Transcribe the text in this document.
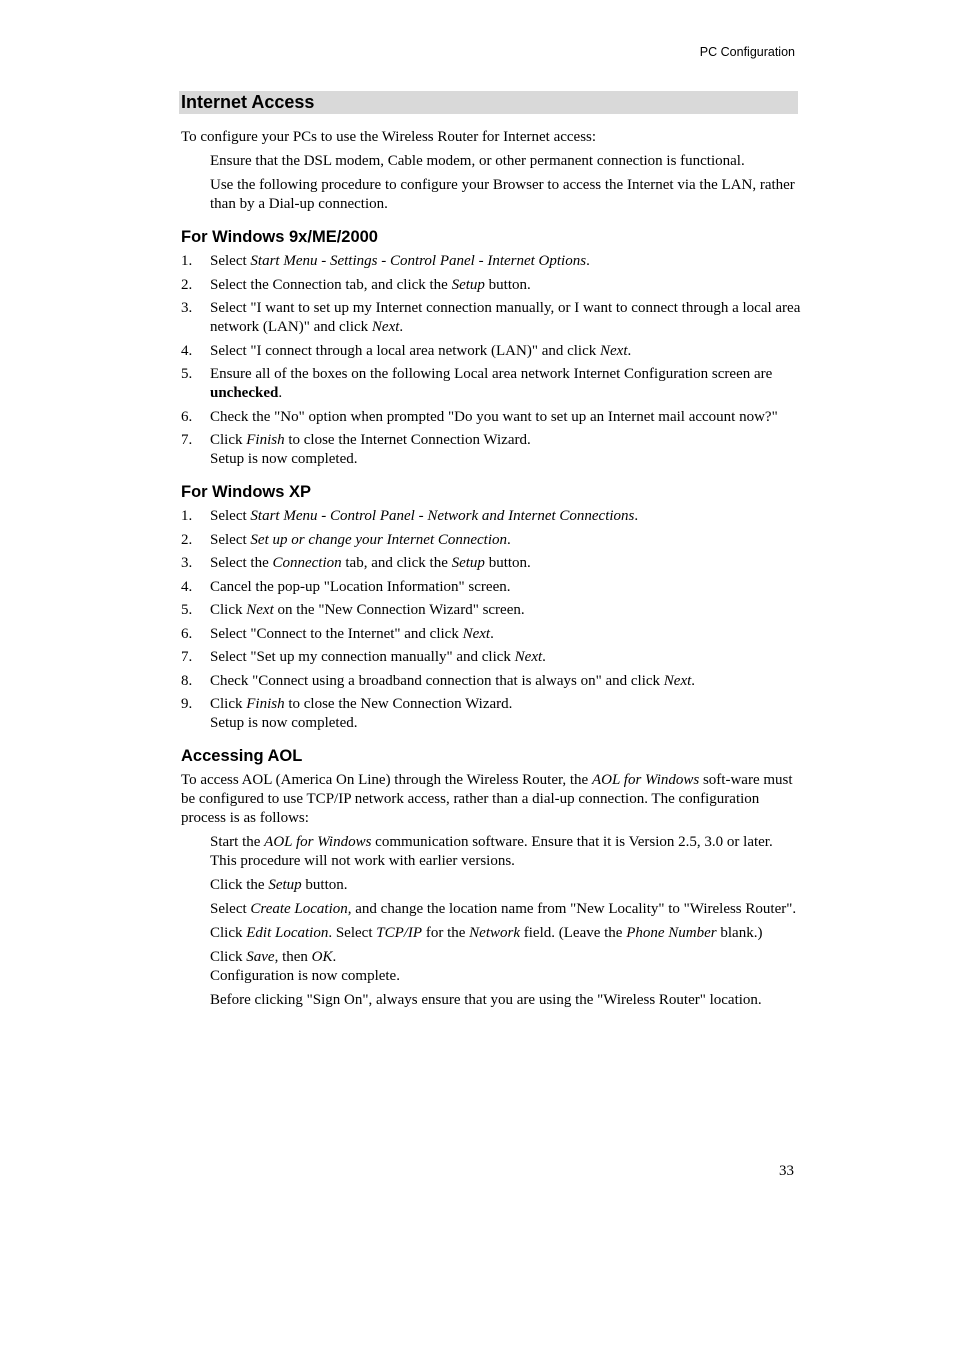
PC Configuration
Internet Access

To configure your PCs to use the Wireless Router for Internet access:

Ensure that the DSL modem, Cable modem, or other permanent connection is functional.

Use the following procedure to configure your Browser to access the Internet via the LAN, rather than by a Dial-up connection.

For Windows 9x/ME/2000
1.	Select Start Menu - Settings - Control Panel - Internet Options.
2.	Select the Connection tab, and click the Setup button.
3.	Select "I want to set up my Internet connection manually, or I want to connect through a local area network (LAN)" and click Next.
4.	Select "I connect through a local area network (LAN)" and click Next.
5.	Ensure all of the boxes on the following Local area network Internet Configuration screen are unchecked.
6.	Check the "No" option when prompted "Do you want to set up an Internet mail account now?"
7.	Click Finish to close the Internet Connection Wizard.
Setup is now completed.
For Windows XP
1.	Select Start Menu - Control Panel - Network and Internet Connections.
2.	Select Set up or change your Internet Connection.
3.	Select the Connection tab, and click the Setup button.
4.	Cancel the pop-up "Location Information" screen.
5.	Click Next on the "New Connection Wizard" screen.
6.	Select "Connect to the Internet" and click Next.
7.	Select "Set up my connection manually" and click Next.
8.	Check "Connect using a broadband connection that is always on" and click Next.
9.	Click Finish to close the New Connection Wizard.
Setup is now completed.
Accessing AOL

To access AOL (America On Line) through the Wireless Router, the AOL for Windows soft-ware must be configured to use TCP/IP network access, rather than a dial-up connection. The configuration process is as follows:

Start the AOL for Windows communication software. Ensure that it is Version 2.5, 3.0 or later. This procedure will not work with earlier versions.

Click the Setup button.

Select Create Location, and change the location name from "New Locality" to "Wireless Router".

Click Edit Location. Select TCP/IP for the Network field. (Leave the Phone Number blank.)

Click Save, then OK.
Configuration is now complete.

Before clicking "Sign On", always ensure that you are using the "Wireless Router" location.

33
